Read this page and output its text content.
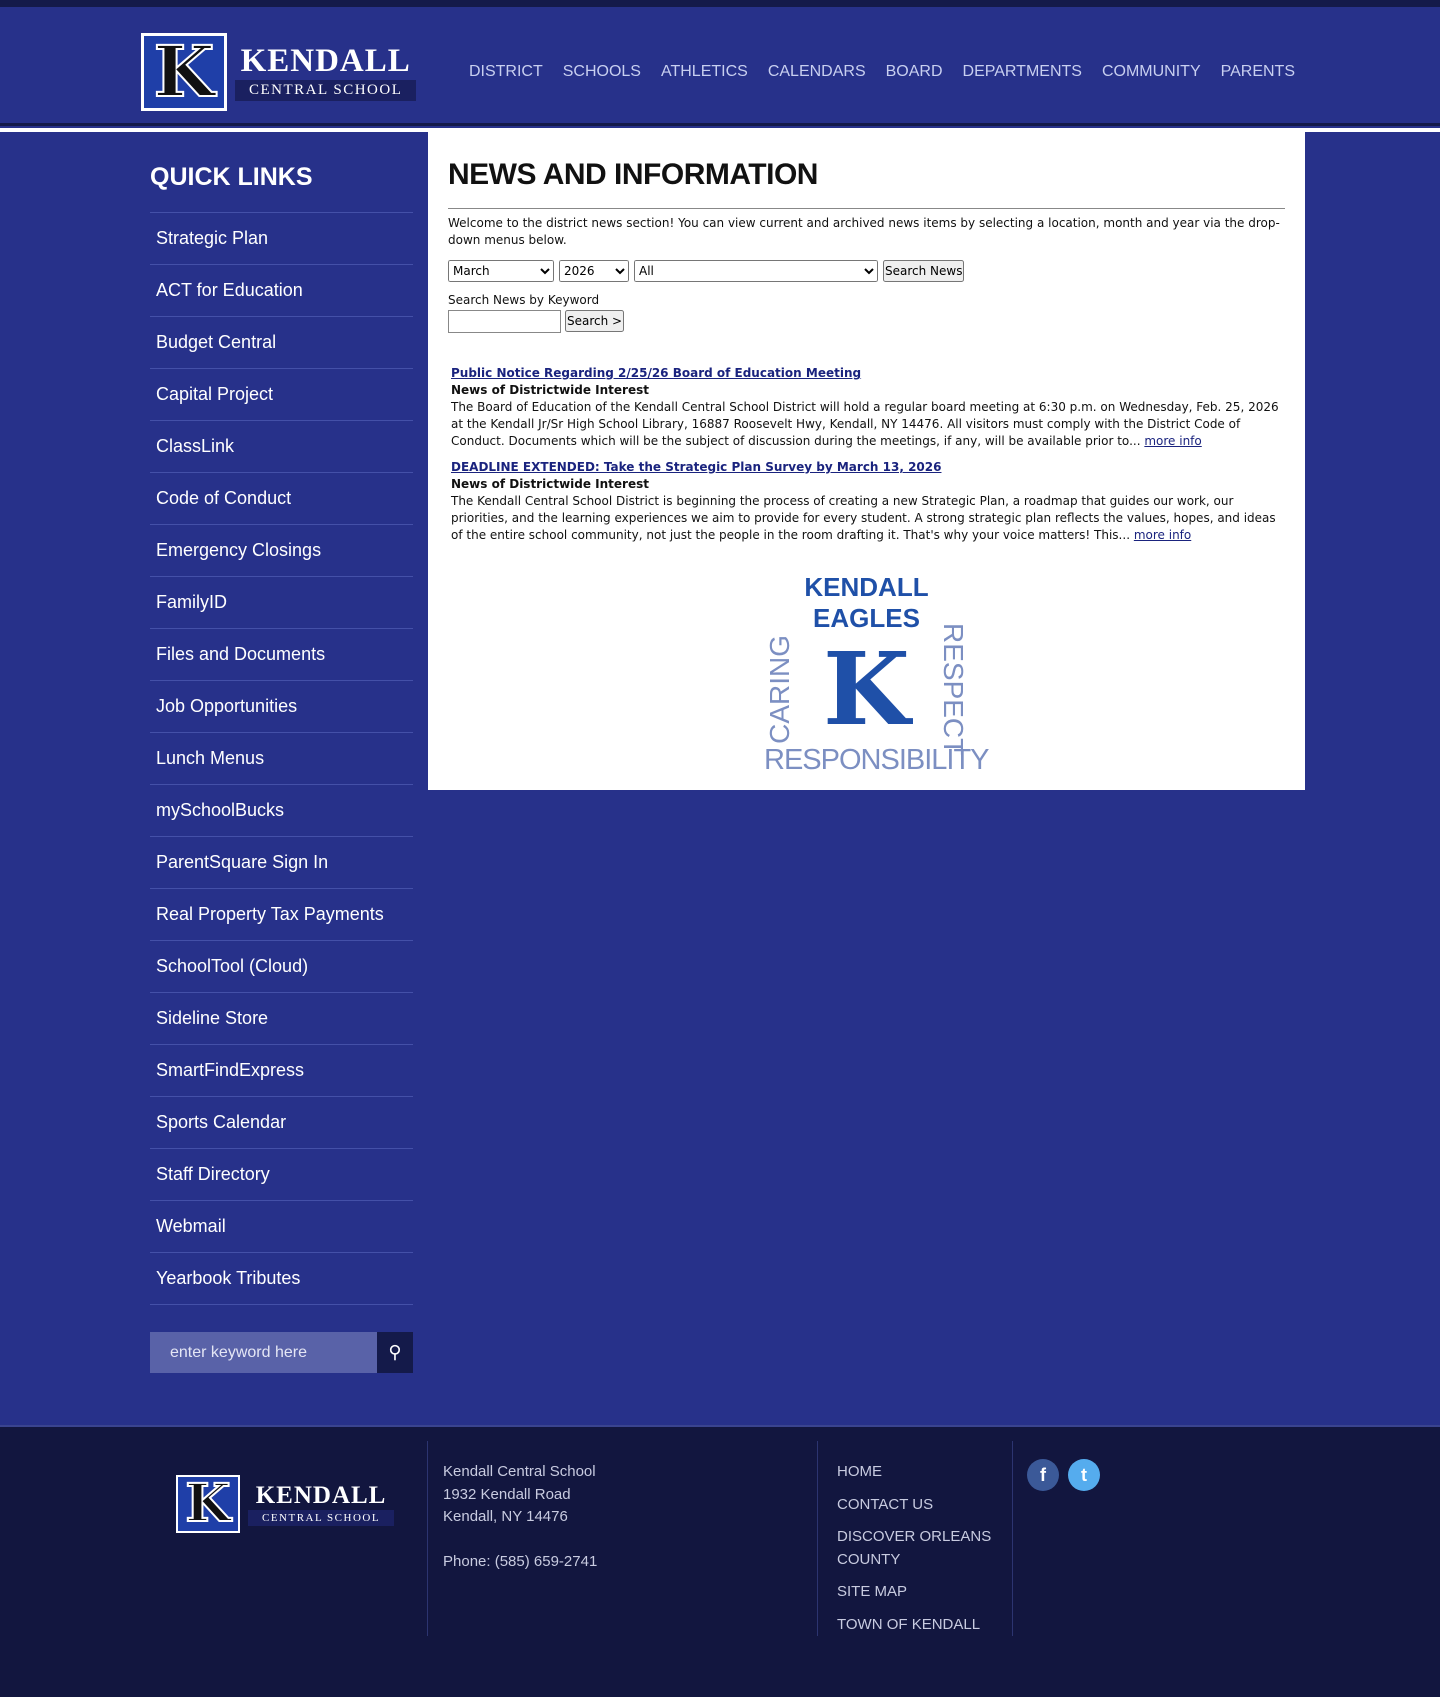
K KENDALL
CENTRAL SCHOOL
DISTRICT SCHOOLS ATHLETICS CALENDARS BOARD DEPARTMENTS COMMUNITY PARENTS
QUICK LINKS
Strategic Plan
ACT for Education
Budget Central
Capital Project
ClassLink
Code of Conduct
Emergency Closings
FamilyID
Files and Documents
Job Opportunities
Lunch Menus
mySchoolBucks
ParentSquare Sign In
Real Property Tax Payments
SchoolTool (Cloud)
Sideline Store
SmartFindExpress
Sports Calendar
Staff Directory
Webmail
Yearbook Tributes
enter keyword here
⚲
NEWS AND INFORMATION

Welcome to the district news section! You can view current and archived news items by selecting a location, month and year via the drop-down menus below.

March
2026
All
Search News
Search News by Keyword
Search >
Public Notice Regarding 2/25/26 Board of Education Meeting
News of Districtwide Interest
The Board of Education of the Kendall Central School District will hold a regular board meeting at 6:30 p.m. on Wednesday, Feb. 25, 2026 at the Kendall Jr/Sr High School Library, 16887 Roosevelt Hwy, Kendall, NY 14476. All visitors must comply with the District Code of Conduct. Documents which will be the subject of discussion during the meetings, if any, will be available prior to... more info
DEADLINE EXTENDED: Take the Strategic Plan Survey by March 13, 2026
News of Districtwide Interest
The Kendall Central School District is beginning the process of creating a new Strategic Plan, a roadmap that guides our work, our priorities, and the learning experiences we aim to provide for every student. A strong strategic plan reflects the values, hopes, and ideas of the entire school community, not just the people in the room drafting it. That's why your voice matters! This... more info
KENDALL EAGLES
CARING K RESPECT
RESPONSIBILITY
K KENDALL
CENTRAL SCHOOL
Kendall Central School
1932 Kendall Road
Kendall, NY 14476
Phone: (585) 659-2741
HOME
CONTACT US
DISCOVER ORLEANS COUNTY
SITE MAP
TOWN OF KENDALL
f	t
